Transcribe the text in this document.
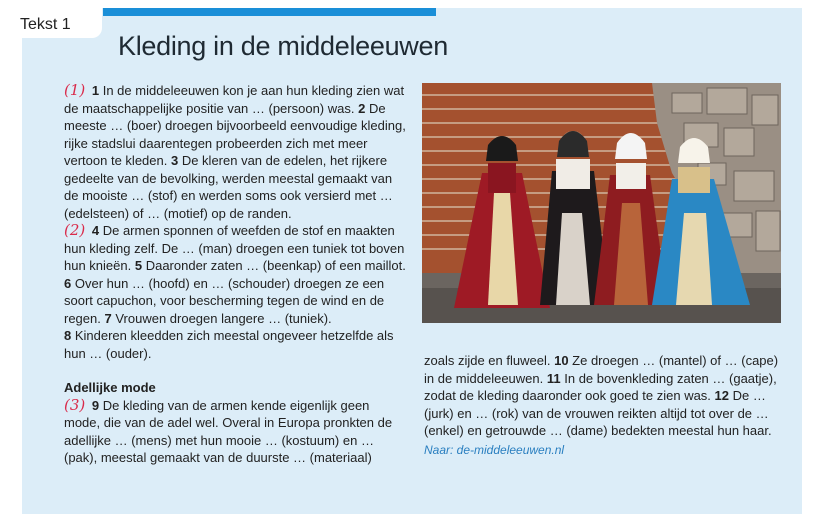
Tekst 1
Kleding in de middeleeuwen

(1) 1 In de middeleeuwen kon je aan hun kleding zien wat de maatschappelijke positie van … (persoon) was. 2 De meeste … (boer) droegen bijvoorbeeld eenvoudige kleding, rijke stadslui daarentegen probeerden zich met meer vertoon te kleden. 3 De kleren van de edelen, het rijkere gedeelte van de bevolking, werden meestal gemaakt van de mooiste … (stof) en werden soms ook versierd met … (edelsteen) of … (motief) op de randen.

(2) 4 De armen sponnen of weefden de stof en maakten hun kleding zelf. De … (man) droegen een tuniek tot boven hun knieën. 5 Daaronder zaten … (beenkap) of een maillot. 6 Over hun … (hoofd) en … (schouder) droegen ze een soort capuchon, voor bescherming tegen de wind en de regen. 7 Vrouwen droegen langere … (tuniek).
8 Kinderen kleedden zich meestal ongeveer hetzelfde als hun … (ouder).

Adellijke mode

(3) 9 De kleding van de armen kende eigenlijk geen mode, die van de adel wel. Overal in Europa pronkten de adellijke … (mens) met hun mooie … (kostuum) en … (pak), meestal gemaakt van de duurste … (materiaal)

zoals zijde en fluweel. 10 Ze droegen … (mantel) of … (cape) in de middeleeuwen. 11 In de bovenkleding zaten … (gaatje), zodat de kleding daaronder ook goed te zien was. 12 De … (jurk) en … (rok) van de vrouwen reikten altijd tot over de … (enkel) en getrouwde … (dame) bedekten meestal hun haar.

Naar: de-middeleeuwen.nl
